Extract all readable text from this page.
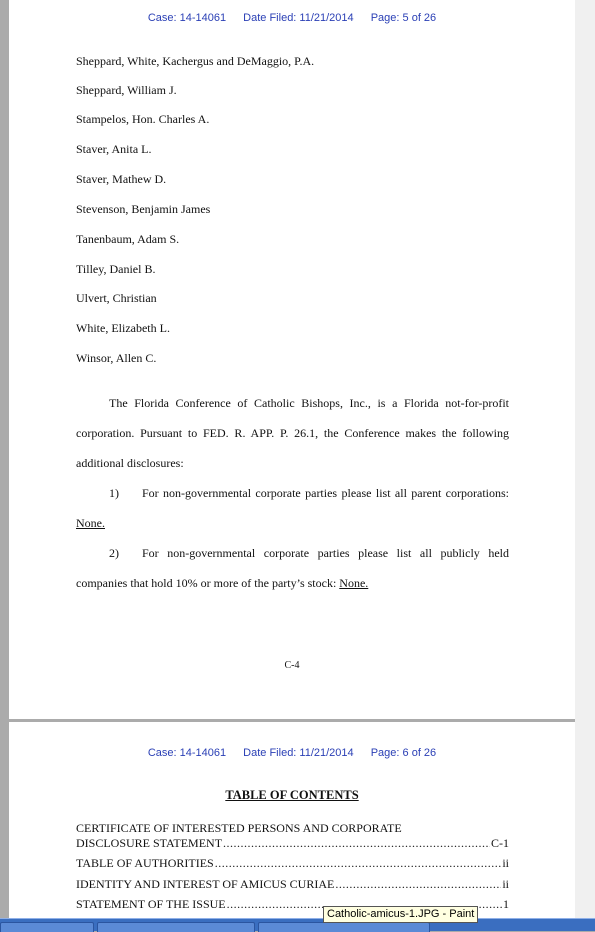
Case: 14-14061 Date Filed: 11/21/2014 Page: 5 of 26
Sheppard, White, Kachergus and DeMaggio, P.A.
Sheppard, William J.
Stampelos, Hon. Charles A.
Staver, Anita L.
Staver, Mathew D.
Stevenson, Benjamin James
Tanenbaum, Adam S.
Tilley, Daniel B.
Ulvert, Christian
White, Elizabeth L.
Winsor, Allen C.
The Florida Conference of Catholic Bishops, Inc., is a Florida not-for-profit corporation. Pursuant to FED. R. APP. P. 26.1, the Conference makes the following additional disclosures:
1) For non-governmental corporate parties please list all parent corporations: None.
2) For non-governmental corporate parties please list all publicly held companies that hold 10% or more of the party’s stock: None.
C-4
Case: 14-14061 Date Filed: 11/21/2014 Page: 6 of 26
TABLE OF CONTENTS
CERTIFICATE OF INTERESTED PERSONS AND CORPORATE
DISCLOSURE STATEMENT .....	C-1
TABLE OF AUTHORITIES .....	ii
IDENTITY AND INTEREST OF AMICUS CURIAE .....	ii
STATEMENT OF THE ISSUE .....	1
Catholic-amicus-1.JPG - Paint
